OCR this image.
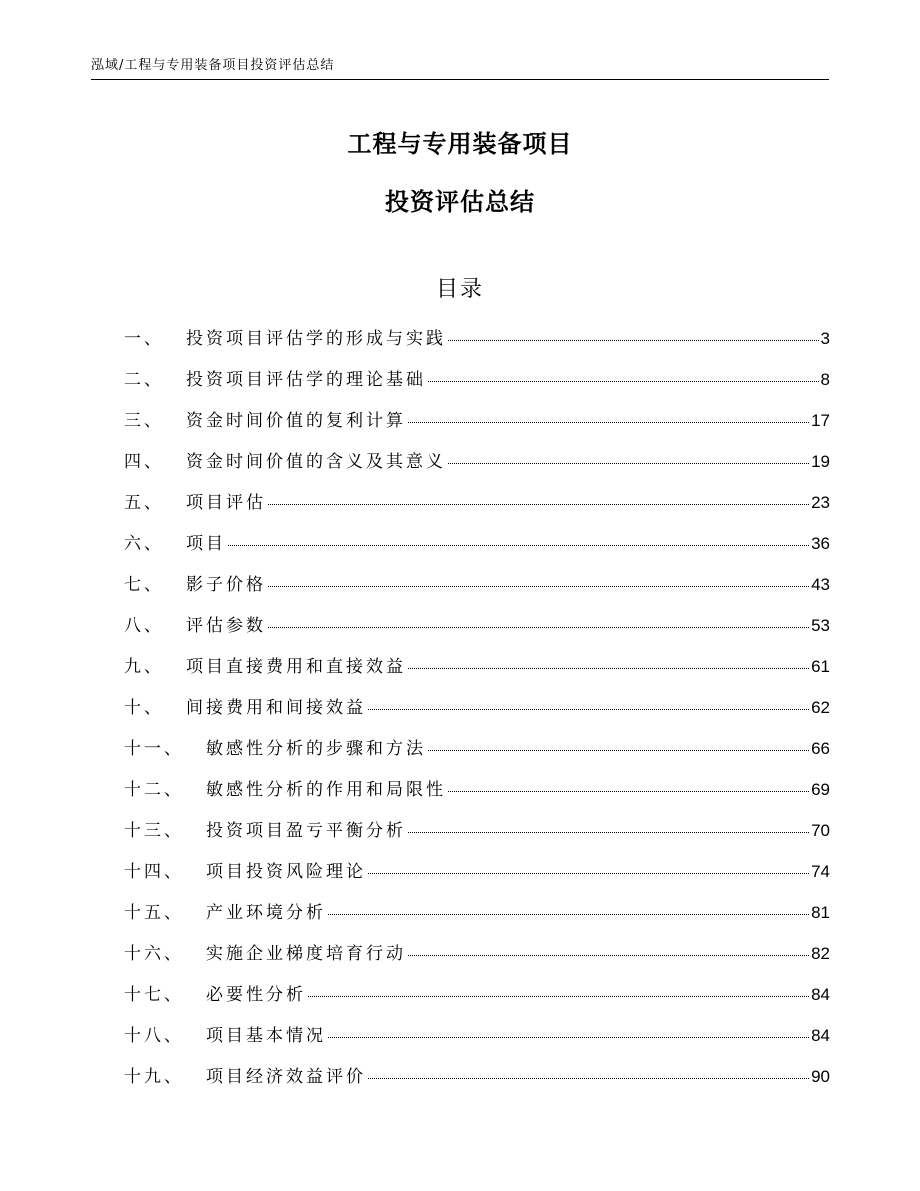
泓域/工程与专用装备项目投资评估总结
工程与专用装备项目
投资评估总结
目录
一、 投资项目评估学的形成与实践	3
二、 投资项目评估学的理论基础	8
三、 资金时间价值的复利计算	17
四、 资金时间价值的含义及其意义	19
五、 项目评估	23
六、 项目	36
七、 影子价格	43
八、 评估参数	53
九、 项目直接费用和直接效益	61
十、 间接费用和间接效益	62
十一、 敏感性分析的步骤和方法	66
十二、 敏感性分析的作用和局限性	69
十三、 投资项目盈亏平衡分析	70
十四、 项目投资风险理论	74
十五、 产业环境分析	81
十六、 实施企业梯度培育行动	82
十七、 必要性分析	84
十八、 项目基本情况	84
十九、 项目经济效益评价	90
